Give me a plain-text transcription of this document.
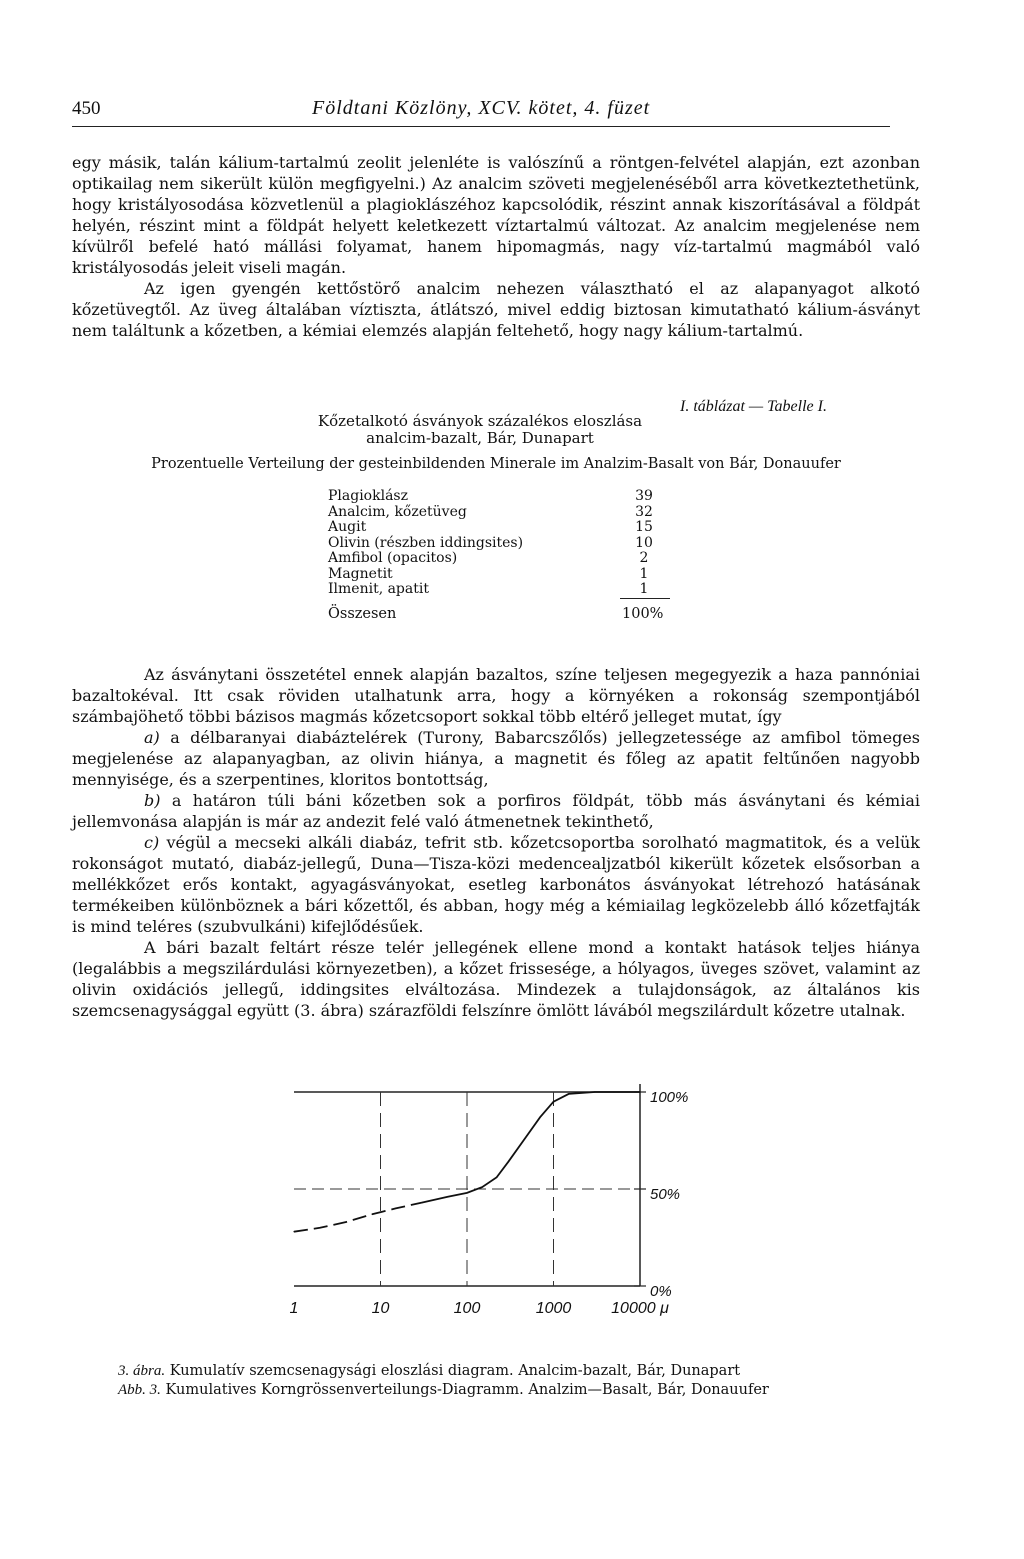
450	Földtani Közlöny, XCV. kötet, 4. füzet

egy másik, talán kálium-tartalmú zeolit jelenléte is valószínű a röntgen-felvétel alapján, ezt azonban optikailag nem sikerült külön megfigyelni.) Az analcim szöveti megjelenéséből arra következtethetünk, hogy kristályosodása közvetlenül a plagioklászéhoz kapcsolódik, részint annak kiszorításával a földpát helyén, részint mint a földpát helyett keletkezett víztartalmú változat. Az analcim megjelenése nem kívülről befelé ható mállási folyamat, hanem hipomagmás, nagy víz-tartalmú magmából való kristályosodás jeleit viseli magán.

Az igen gyengén kettőstörő analcim nehezen választható el az alapanyagot alkotó kőzetüvegtől. Az üveg általában víztiszta, átlátszó, mivel eddig biztosan kimutatható kálium-ásványt nem találtunk a kőzetben, a kémiai elemzés alapján feltehető, hogy nagy kálium-tartalmú.

I. táblázat — Tabelle I.
Kőzetalkotó ásványok százalékos eloszlása
analcim-bazalt, Bár, Dunapart
Prozentuelle Verteilung der gesteinbildenden Minerale im Analzim-Basalt von Bár, Donauufer
Plagioklász	39
Analcim, kőzetüveg	32
Augit	15
Olivin (részben iddingsites)	10
Amfibol (opacitos)	2
Magnetit	1
Ilmenit, apatit	1
Összesen	100%

Az ásványtani összetétel ennek alapján bazaltos, színe teljesen megegyezik a haza pannóniai bazaltokéval. Itt csak röviden utalhatunk arra, hogy a környéken a rokonság szempontjából számbajöhető többi bázisos magmás kőzetcsoport sokkal több eltérő jelleget mutat, így

a) a délbaranyai diabáztelérek (Turony, Babarcszőlős) jellegzetessége az amfibol tömeges megjelenése az alapanyagban, az olivin hiánya, a magnetit és főleg az apatit feltűnően nagyobb mennyisége, és a szerpentines, kloritos bontottság,

b) a határon túli báni kőzetben sok a porfiros földpát, több más ásványtani és kémiai jellemvonása alapján is már az andezit felé való átmenetnek tekinthető,

c) végül a mecseki alkáli diabáz, tefrit stb. kőzetcsoportba sorolható magmatitok, és a velük rokonságot mutató, diabáz-jellegű, Duna—Tisza-közi medencealjzatból kikerült kőzetek elsősorban a mellékkőzet erős kontakt, agyagásványokat, esetleg karbonátos ásványokat létrehozó hatásának termékeiben különböznek a bári kőzettől, és abban, hogy még a kémiailag legközelebb álló kőzetfajták is mind teléres (szubvulkáni) kifejlődésűek.

A bári bazalt feltárt része telér jellegének ellene mond a kontakt hatások teljes hiánya (legalábbis a megszilárdulási környezetben), a kőzet frissesége, a hólyagos, üveges szövet, valamint az olivin oxidációs jellegű, iddingsites elváltozása. Mindezek a tulajdonságok, az általános kis szemcsenagysággal együtt (3. ábra) szárazföldi felszínre ömlött lávából megszilárdult kőzetre utalnak.

0%
50%
100%
1	10	100	1000 10000 μ
3. ábra. Kumulatív szemcsenagysági eloszlási diagram. Analcim-bazalt, Bár, Dunapart
Abb. 3. Kumulatives Korngrössenverteilungs-Diagramm. Analzim—Basalt, Bár, Donauufer
